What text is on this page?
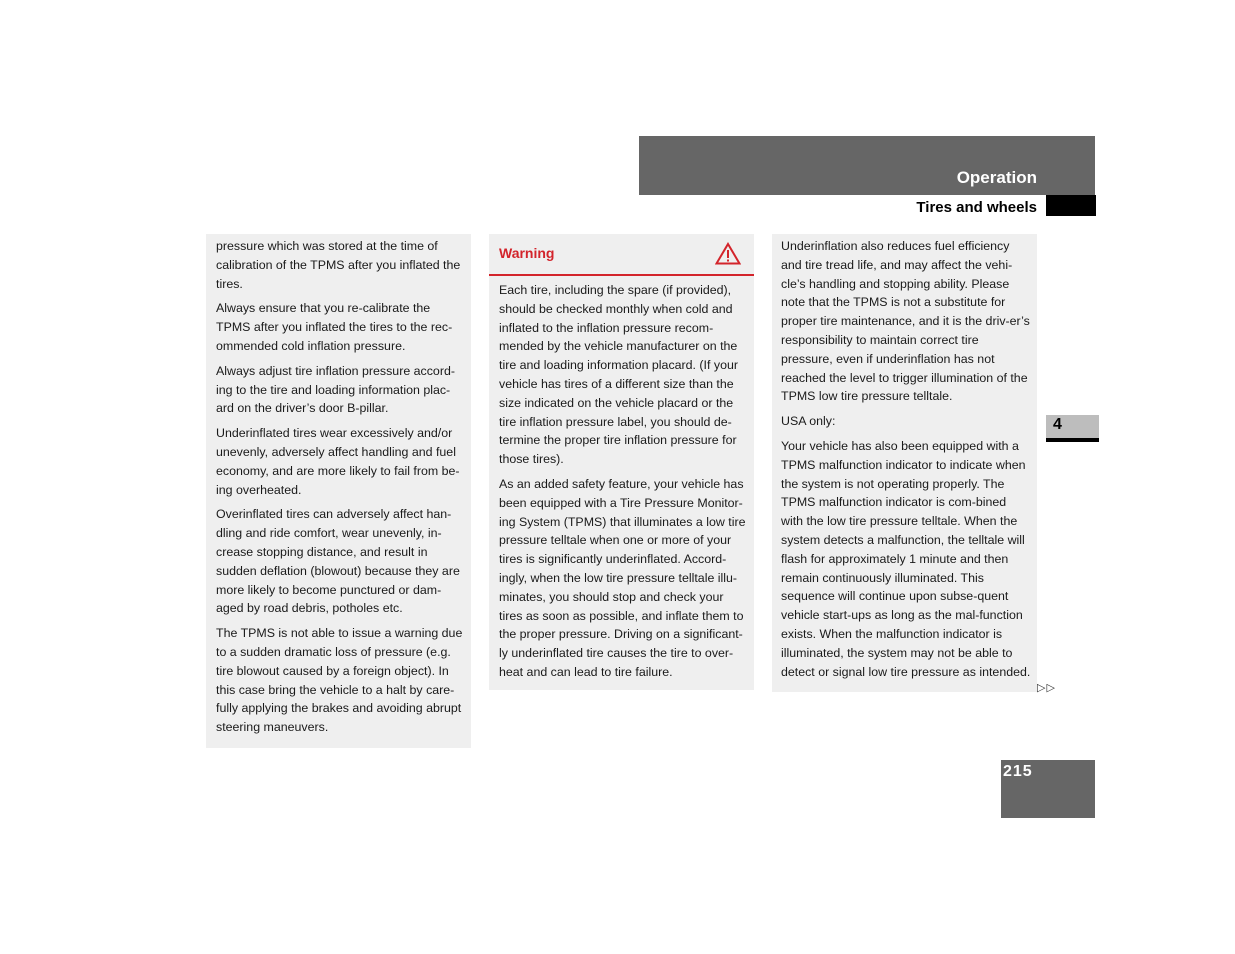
Operation
Tires and wheels

pressure which was stored at the time of calibration of the TPMS after you inflated the tires.

Always ensure that you re-calibrate the TPMS after you inflated the tires to the rec-ommended cold inflation pressure.

Always adjust tire inflation pressure accord-ing to the tire and loading information plac-ard on the driver’s door B-pillar.

Underinflated tires wear excessively and/or unevenly, adversely affect handling and fuel economy, and are more likely to fail from be-ing overheated.

Overinflated tires can adversely affect han-dling and ride comfort, wear unevenly, in-crease stopping distance, and result in sudden deflation (blowout) because they are more likely to become punctured or dam-aged by road debris, potholes etc.

The TPMS is not able to issue a warning due to a sudden dramatic loss of pressure (e.g. tire blowout caused by a foreign object). In this case bring the vehicle to a halt by care-fully applying the brakes and avoiding abrupt steering maneuvers.

Warning

Each tire, including the spare (if provided), should be checked monthly when cold and inflated to the inflation pressure recom-mended by the vehicle manufacturer on the tire and loading information placard. (If your vehicle has tires of a different size than the size indicated on the vehicle placard or the tire inflation pressure label, you should de-termine the proper tire inflation pressure for those tires).

As an added safety feature, your vehicle has been equipped with a Tire Pressure Monitor-ing System (TPMS) that illuminates a low tire pressure telltale when one or more of your tires is significantly underinflated. Accord-ingly, when the low tire pressure telltale illu-minates, you should stop and check your tires as soon as possible, and inflate them to the proper pressure. Driving on a significant-ly underinflated tire causes the tire to over-heat and can lead to tire failure.

Underinflation also reduces fuel efficiency and tire tread life, and may affect the vehi-cle’s handling and stopping ability. Please note that the TPMS is not a substitute for proper tire maintenance, and it is the driv-er’s responsibility to maintain correct tire pressure, even if underinflation has not reached the level to trigger illumination of the TPMS low tire pressure telltale.

USA only:

Your vehicle has also been equipped with a TPMS malfunction indicator to indicate when the system is not operating properly. The TPMS malfunction indicator is com-bined with the low tire pressure telltale. When the system detects a malfunction, the telltale will flash for approximately 1 minute and then remain continuously illuminated. This sequence will continue upon subse-quent vehicle start-ups as long as the mal-function exists. When the malfunction indicator is illuminated, the system may not be able to detect or signal low tire pressure as intended.

4
▷▷
215
